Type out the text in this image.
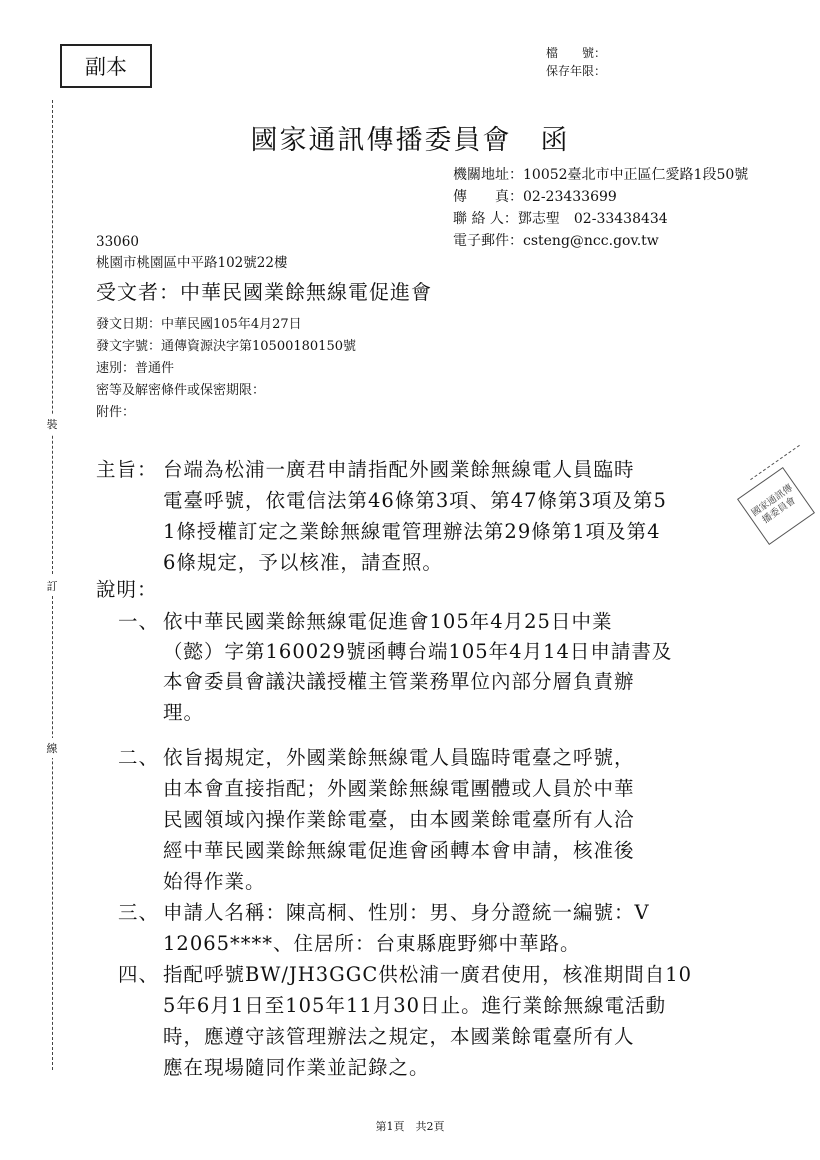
裝
訂
線
副本
檔　　號：
保存年限：
國家通訊傳播委員會　函
機關地址：10052臺北市中正區仁愛路1段50號
傳　　真：02-23433699
聯 絡 人：鄧志聖　02-33438434
電子郵件：csteng@ncc.gov.tw
33060
桃園市桃園區中平路102號22樓
受文者：中華民國業餘無線電促進會
發文日期：中華民國105年4月27日
發文字號：通傳資源決字第10500180150號
速別：普通件
密等及解密條件或保密期限：
附件：
主旨： 台端為松浦一廣君申請指配外國業餘無線電人員臨時
電臺呼號，依電信法第46條第3項、第47條第3項及第5
1條授權訂定之業餘無線電管理辦法第29條第1項及第4
6條規定，予以核准，請查照。
說明：
一、 依中華民國業餘無線電促進會105年4月25日中業
（懿）字第160029號函轉台端105年4月14日申請書及
本會委員會議決議授權主管業務單位內部分層負責辦
理。
二、 依旨揭規定，外國業餘無線電人員臨時電臺之呼號，
由本會直接指配；外國業餘無線電團體或人員於中華
民國領域內操作業餘電臺，由本國業餘電臺所有人洽
經中華民國業餘無線電促進會函轉本會申請，核准後
始得作業。
三、 申請人名稱：陳高桐、性別：男、身分證統一編號：V
12065****、住居所：台東縣鹿野鄉中華路。
四、 指配呼號BW/JH3GGC供松浦一廣君使用，核准期間自10
5年6月1日至105年11月30日止。進行業餘無線電活動
時，應遵守該管理辦法之規定，本國業餘電臺所有人
應在現場隨同作業並記錄之。
國家通訊傳播委員會
第1頁　共2頁
